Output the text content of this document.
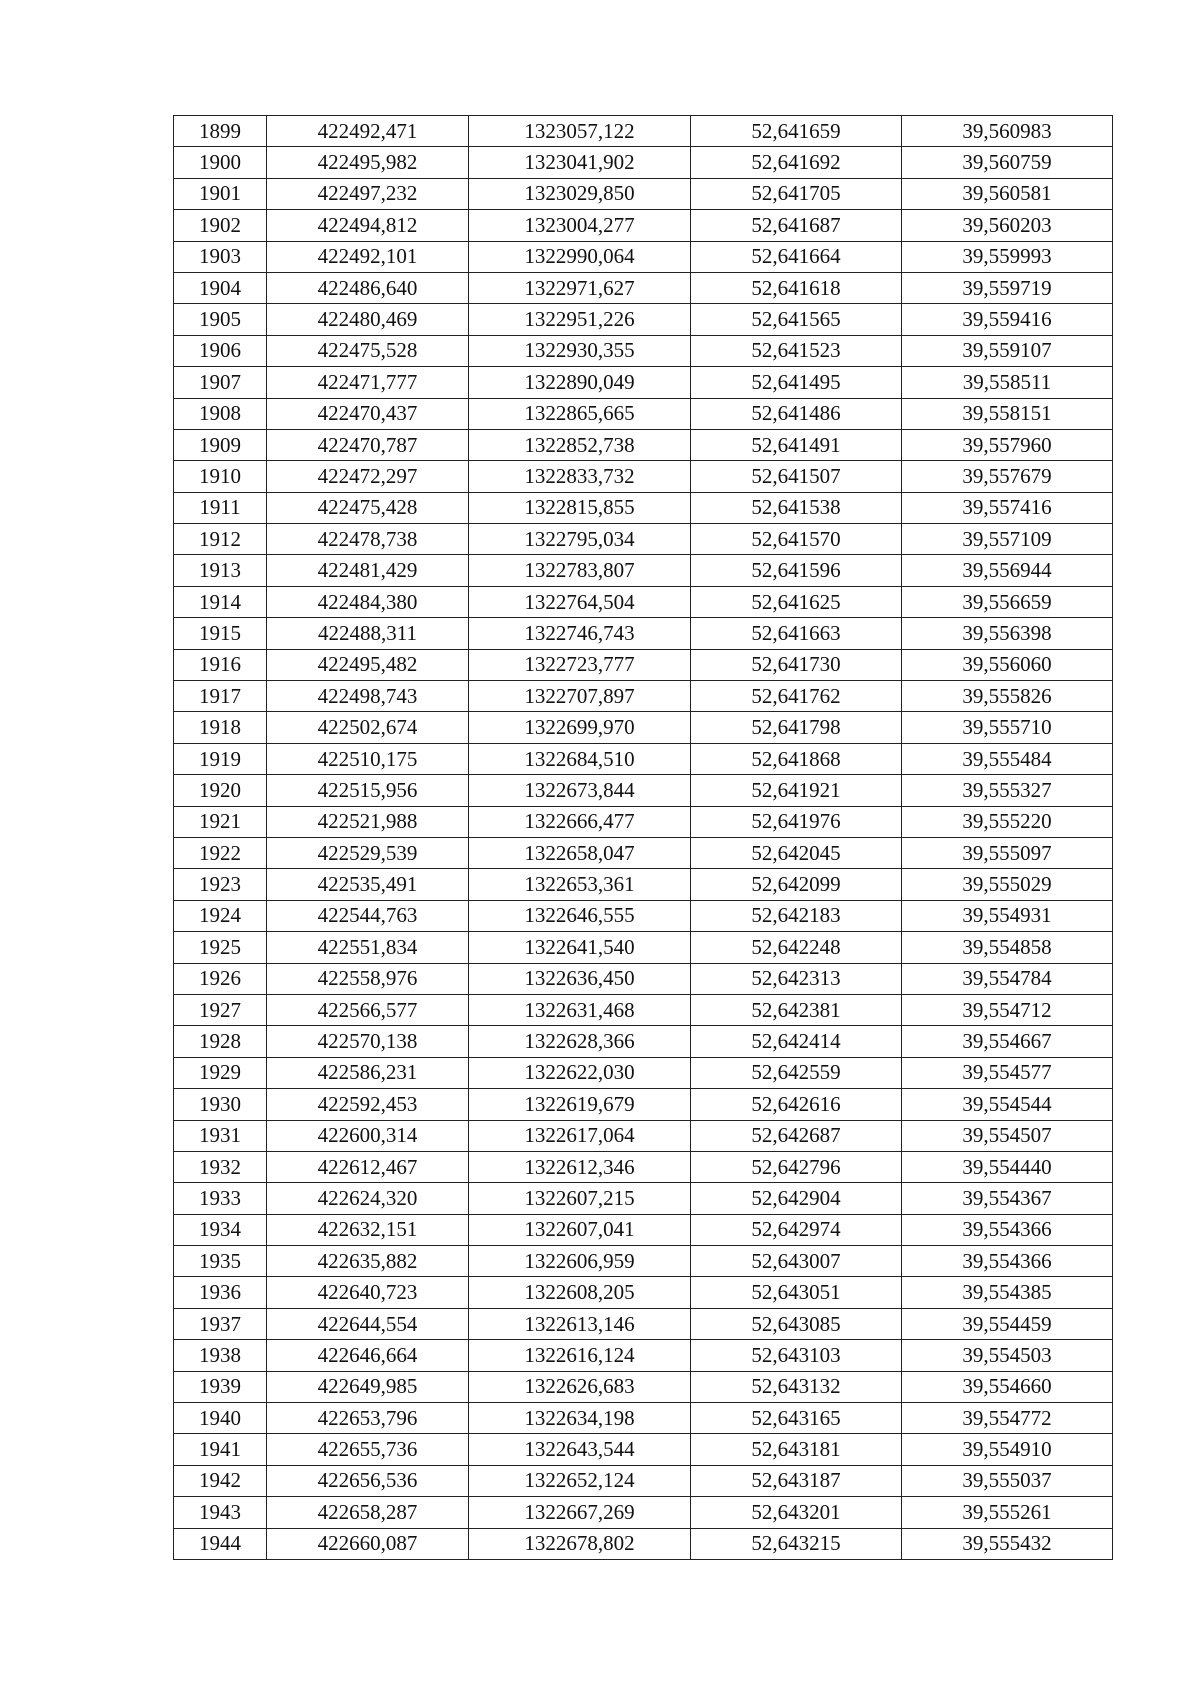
1899	422492,471	1323057,122	52,641659	39,560983
1900	422495,982	1323041,902	52,641692	39,560759
1901	422497,232	1323029,850	52,641705	39,560581
1902	422494,812	1323004,277	52,641687	39,560203
1903	422492,101	1322990,064	52,641664	39,559993
1904	422486,640	1322971,627	52,641618	39,559719
1905	422480,469	1322951,226	52,641565	39,559416
1906	422475,528	1322930,355	52,641523	39,559107
1907	422471,777	1322890,049	52,641495	39,558511
1908	422470,437	1322865,665	52,641486	39,558151
1909	422470,787	1322852,738	52,641491	39,557960
1910	422472,297	1322833,732	52,641507	39,557679
1911	422475,428	1322815,855	52,641538	39,557416
1912	422478,738	1322795,034	52,641570	39,557109
1913	422481,429	1322783,807	52,641596	39,556944
1914	422484,380	1322764,504	52,641625	39,556659
1915	422488,311	1322746,743	52,641663	39,556398
1916	422495,482	1322723,777	52,641730	39,556060
1917	422498,743	1322707,897	52,641762	39,555826
1918	422502,674	1322699,970	52,641798	39,555710
1919	422510,175	1322684,510	52,641868	39,555484
1920	422515,956	1322673,844	52,641921	39,555327
1921	422521,988	1322666,477	52,641976	39,555220
1922	422529,539	1322658,047	52,642045	39,555097
1923	422535,491	1322653,361	52,642099	39,555029
1924	422544,763	1322646,555	52,642183	39,554931
1925	422551,834	1322641,540	52,642248	39,554858
1926	422558,976	1322636,450	52,642313	39,554784
1927	422566,577	1322631,468	52,642381	39,554712
1928	422570,138	1322628,366	52,642414	39,554667
1929	422586,231	1322622,030	52,642559	39,554577
1930	422592,453	1322619,679	52,642616	39,554544
1931	422600,314	1322617,064	52,642687	39,554507
1932	422612,467	1322612,346	52,642796	39,554440
1933	422624,320	1322607,215	52,642904	39,554367
1934	422632,151	1322607,041	52,642974	39,554366
1935	422635,882	1322606,959	52,643007	39,554366
1936	422640,723	1322608,205	52,643051	39,554385
1937	422644,554	1322613,146	52,643085	39,554459
1938	422646,664	1322616,124	52,643103	39,554503
1939	422649,985	1322626,683	52,643132	39,554660
1940	422653,796	1322634,198	52,643165	39,554772
1941	422655,736	1322643,544	52,643181	39,554910
1942	422656,536	1322652,124	52,643187	39,555037
1943	422658,287	1322667,269	52,643201	39,555261
1944	422660,087	1322678,802	52,643215	39,555432
